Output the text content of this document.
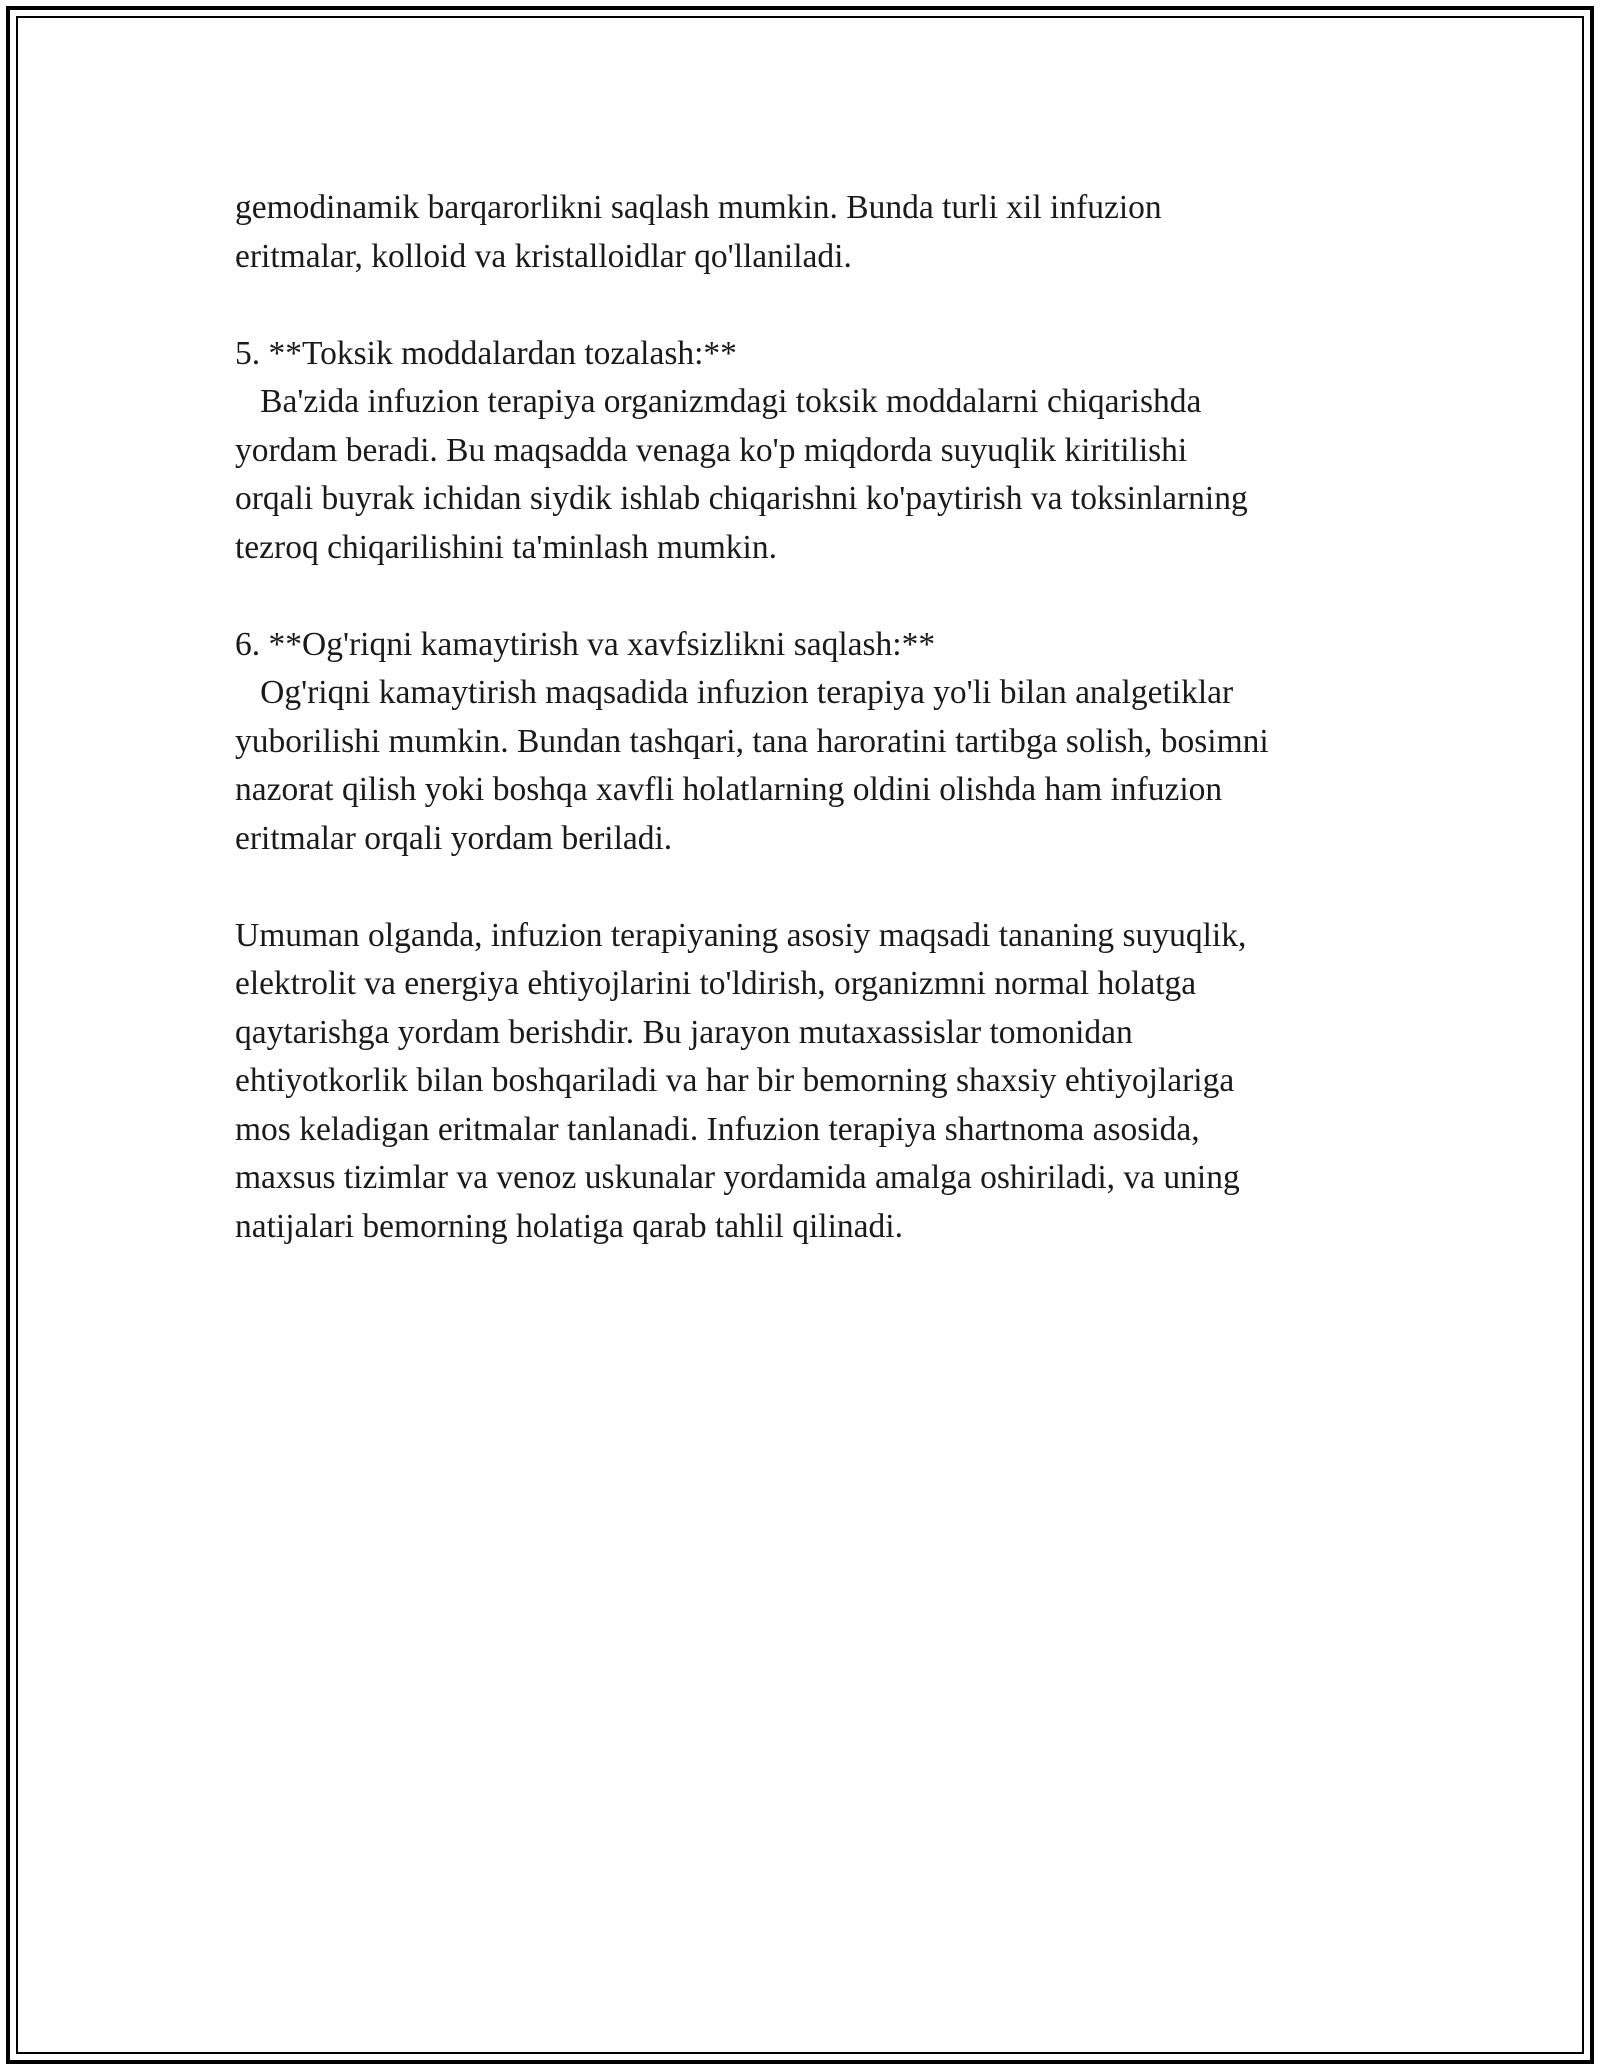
gemodinamik barqarorlikni saqlash mumkin. Bunda turli xil infuzion
eritmalar, kolloid va kristalloidlar qo'llaniladi.
5. **Toksik moddalardan tozalash:**
Ba'zida infuzion terapiya organizmdagi toksik moddalarni chiqarishda
yordam beradi. Bu maqsadda venaga ko'p miqdorda suyuqlik kiritilishi
orqali buyrak ichidan siydik ishlab chiqarishni ko'paytirish va toksinlarning
tezroq chiqarilishini ta'minlash mumkin.
6. **Og'riqni kamaytirish va xavfsizlikni saqlash:**
Og'riqni kamaytirish maqsadida infuzion terapiya yo'li bilan analgetiklar
yuborilishi mumkin. Bundan tashqari, tana haroratini tartibga solish, bosimni
nazorat qilish yoki boshqa xavfli holatlarning oldini olishda ham infuzion
eritmalar orqali yordam beriladi.
Umuman olganda, infuzion terapiyaning asosiy maqsadi tananing suyuqlik,
elektrolit va energiya ehtiyojlarini to'ldirish, organizmni normal holatga
qaytarishga yordam berishdir. Bu jarayon mutaxassislar tomonidan
ehtiyotkorlik bilan boshqariladi va har bir bemorning shaxsiy ehtiyojlariga
mos keladigan eritmalar tanlanadi. Infuzion terapiya shartnoma asosida,
maxsus tizimlar va venoz uskunalar yordamida amalga oshiriladi, va uning
natijalari bemorning holatiga qarab tahlil qilinadi.
